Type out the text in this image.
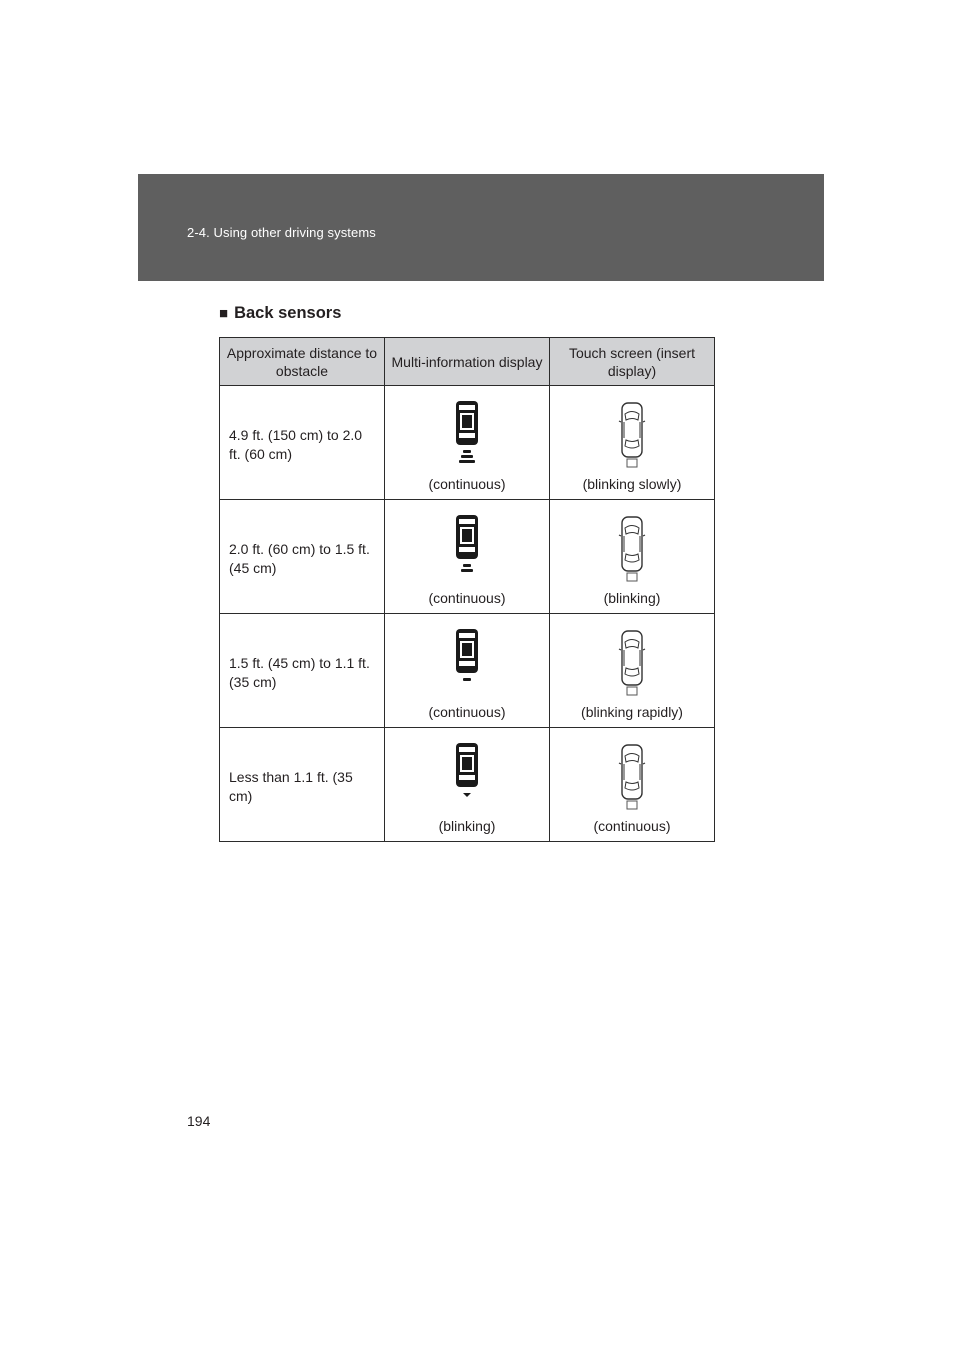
2-4. Using other driving systems
■ Back sensors
Approximate distance to obstacle	Multi-information display	Touch screen (insert display)

4.9 ft. (150 cm) to 2.0 ft. (60 cm)	(continuous)	(blinking slowly)

2.0 ft. (60 cm) to 1.5 ft. (45 cm)	(continuous)	(blinking)

1.5 ft. (45 cm) to 1.1 ft. (35 cm)	(continuous)	(blinking rapidly)

Less than 1.1 ft. (35 cm)	(blinking)	(continuous)
194
